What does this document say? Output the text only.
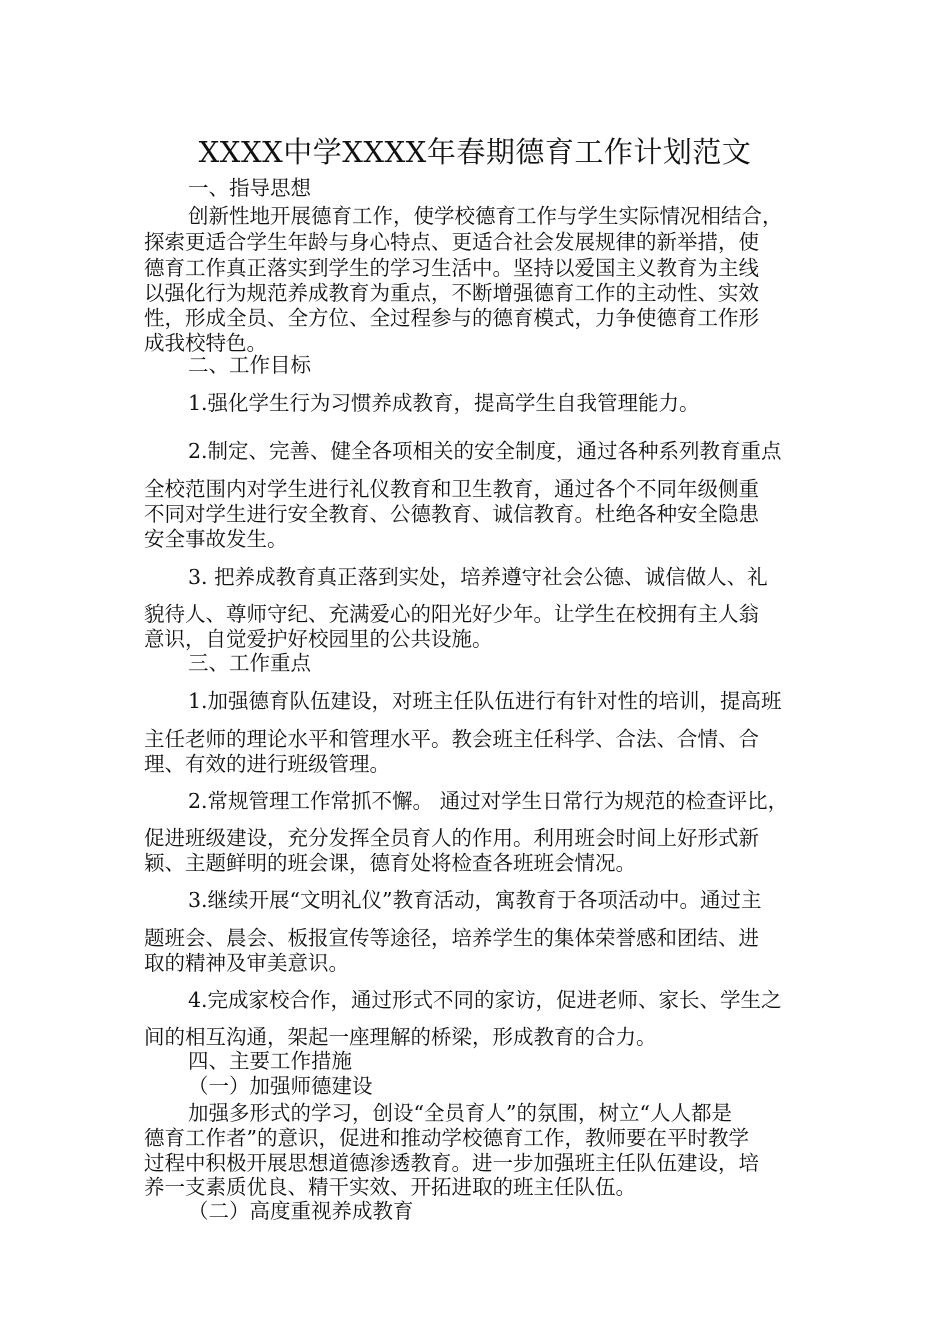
XXXX中学XXXX年春期德育工作计划范文
一、指导思想
创新性地开展德育工作，使学校德育工作与学生实际情况相结合，
探索更适合学生年龄与身心特点、更适合社会发展规律的新举措，使
德育工作真正落实到学生的学习生活中。坚持以爱国主义教育为主线
以强化行为规范养成教育为重点，不断增强德育工作的主动性、实效
性，形成全员、全方位、全过程参与的德育模式，力争使德育工作形
成我校特色。
二、工作目标
1.强化学生行为习惯养成教育，提高学生自我管理能力。
2.制定、完善、健全各项相关的安全制度，通过各种系列教育重点
全校范围内对学生进行礼仪教育和卫生教育，通过各个不同年级侧重
不同对学生进行安全教育、公德教育、诚信教育。杜绝各种安全隐患
安全事故发生。
3. 把养成教育真正落到实处，培养遵守社会公德、诚信做人、礼
貌待人、尊师守纪、充满爱心的阳光好少年。让学生在校拥有主人翁
意识，自觉爱护好校园里的公共设施。
三、工作重点
1.加强德育队伍建设，对班主任队伍进行有针对性的培训，提高班
主任老师的理论水平和管理水平。教会班主任科学、合法、合情、合
理、有效的进行班级管理。
2.常规管理工作常抓不懈。 通过对学生日常行为规范的检查评比，
促进班级建设，充分发挥全员育人的作用。利用班会时间上好形式新
颖、主题鲜明的班会课，德育处将检查各班班会情况。
3.继续开展“文明礼仪”教育活动，寓教育于各项活动中。通过主
题班会、晨会、板报宣传等途径，培养学生的集体荣誉感和团结、进
取的精神及审美意识。
4.完成家校合作，通过形式不同的家访，促进老师、家长、学生之
间的相互沟通，架起一座理解的桥梁，形成教育的合力。
四、主要工作措施
（一）加强师德建设
加强多形式的学习，创设“全员育人”的氛围，树立“人人都是
德育工作者”的意识，促进和推动学校德育工作，教师要在平时教学
过程中积极开展思想道德渗透教育。进一步加强班主任队伍建设，培
养一支素质优良、精干实效、开拓进取的班主任队伍。
（二）高度重视养成教育
